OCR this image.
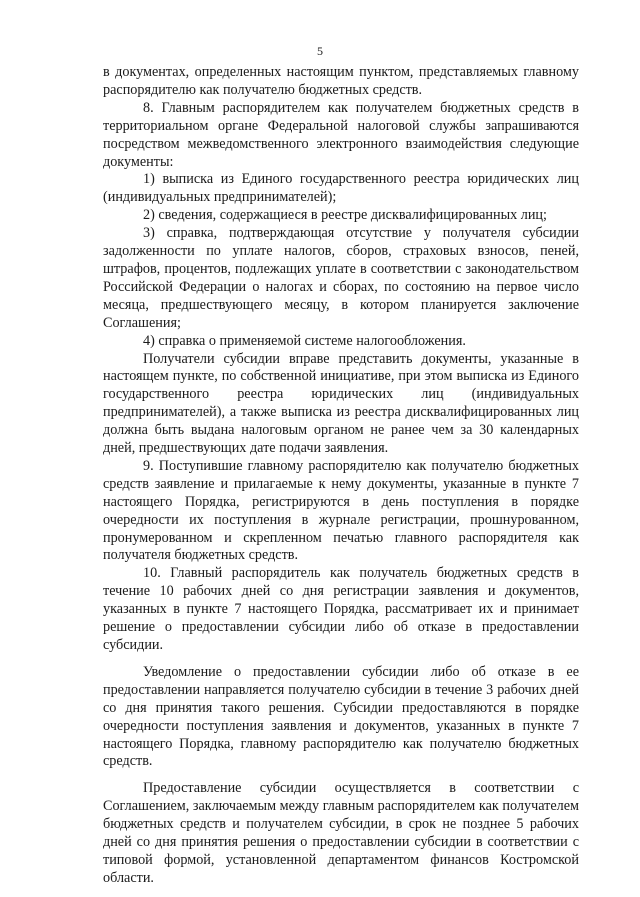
5

в документах, определенных настоящим пунктом, представляемых главному распорядителю как получателю бюджетных средств.

8. Главным распорядителем как получателем бюджетных средств в территориальном органе Федеральной налоговой службы запрашиваются посредством межведомственного электронного взаимодействия следующие документы:

1) выписка из Единого государственного реестра юридических лиц (индивидуальных предпринимателей);

2) сведения, содержащиеся в реестре дисквалифицированных лиц;

3) справка, подтверждающая отсутствие у получателя субсидии задолженности по уплате налогов, сборов, страховых взносов, пеней, штрафов, процентов, подлежащих уплате в соответствии с законодательством Российской Федерации о налогах и сборах, по состоянию на первое число месяца, предшествующего месяцу, в котором планируется заключение Соглашения;

4) справка о применяемой системе налогообложения.

Получатели субсидии вправе представить документы, указанные в настоящем пункте, по собственной инициативе, при этом выписка из Единого государственного реестра юридических лиц (индивидуальных предпринимателей), а также выписка из реестра дисквалифицированных лиц должна быть выдана налоговым органом не ранее чем за 30 календарных дней, предшествующих дате подачи заявления.

9. Поступившие главному распорядителю как получателю бюджетных средств заявление и прилагаемые к нему документы, указанные в пункте 7 настоящего Порядка, регистрируются в день поступления в порядке очередности их поступления в журнале регистрации, прошнурованном, пронумерованном и скрепленном печатью главного распорядителя как получателя бюджетных средств.

10. Главный распорядитель как получатель бюджетных средств в течение 10 рабочих дней со дня регистрации заявления и документов, указанных в пункте 7 настоящего Порядка, рассматривает их и принимает решение о предоставлении субсидии либо об отказе в предоставлении субсидии.

Уведомление о предоставлении субсидии либо об отказе в ее предоставлении направляется получателю субсидии в течение 3 рабочих дней со дня принятия такого решения. Субсидии предоставляются в порядке очередности поступления заявления и документов, указанных в пункте 7 настоящего Порядка, главному распорядителю как получателю бюджетных средств.

Предоставление субсидии осуществляется в соответствии с Соглашением, заключаемым между главным распорядителем как получателем бюджетных средств и получателем субсидии, в срок не позднее 5 рабочих дней со дня принятия решения о предоставлении субсидии в соответствии с типовой формой, установленной департаментом финансов Костромской области.
